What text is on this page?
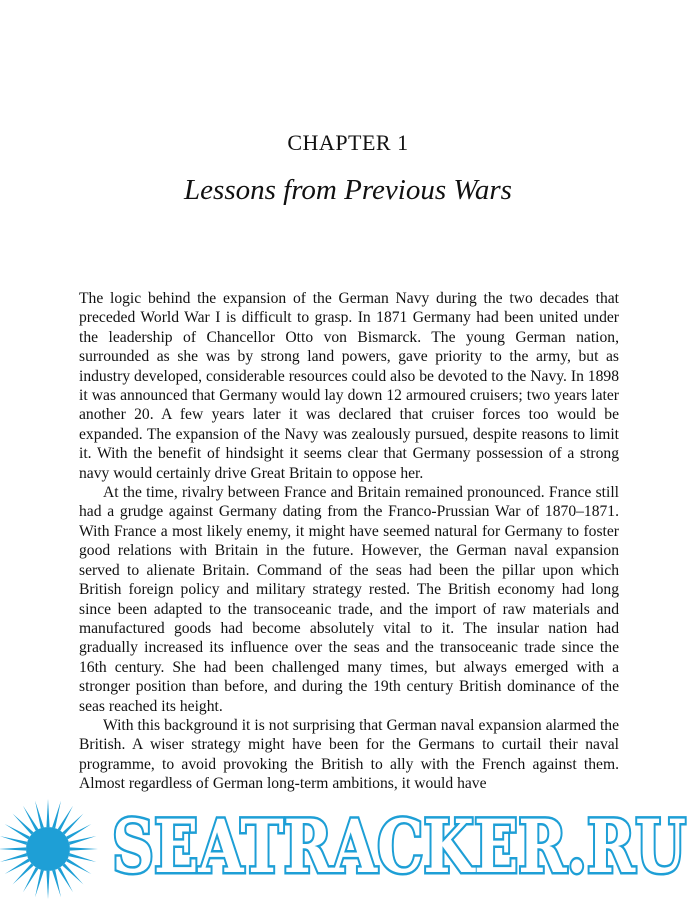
CHAPTER 1
Lessons from Previous Wars

The logic behind the expansion of the German Navy during the two decades that preceded World War I is difficult to grasp. In 1871 Germany had been united under the leadership of Chancellor Otto von Bismarck. The young German nation, surrounded as she was by strong land powers, gave priority to the army, but as industry developed, considerable resources could also be devoted to the Navy. In 1898 it was announced that Germany would lay down 12 armoured cruisers; two years later another 20. A few years later it was declared that cruiser forces too would be expanded. The expansion of the Navy was zealously pursued, despite reasons to limit it. With the benefit of hindsight it seems clear that Germany possession of a strong navy would certainly drive Great Britain to oppose her.

At the time, rivalry between France and Britain remained pronounced. France still had a grudge against Germany dating from the Franco-Prussian War of 1870–1871. With France a most likely enemy, it might have seemed natural for Germany to foster good relations with Britain in the future. However, the German naval expansion served to alienate Britain. Command of the seas had been the pillar upon which British foreign policy and military strategy rested. The British economy had long since been adapted to the transoceanic trade, and the import of raw materials and manufactured goods had become absolutely vital to it. The insular nation had gradually increased its influence over the seas and the transoceanic trade since the 16th century. She had been challenged many times, but always emerged with a stronger position than before, and during the 19th century British dominance of the seas reached its height.

With this background it is not surprising that German naval expansion alarmed the British. A wiser strategy might have been for the Germans to curtail their naval programme, to avoid provoking the British to ally with the French against them. Almost regardless of German long-term ambitions, it would have

SEATRACKER.RU
